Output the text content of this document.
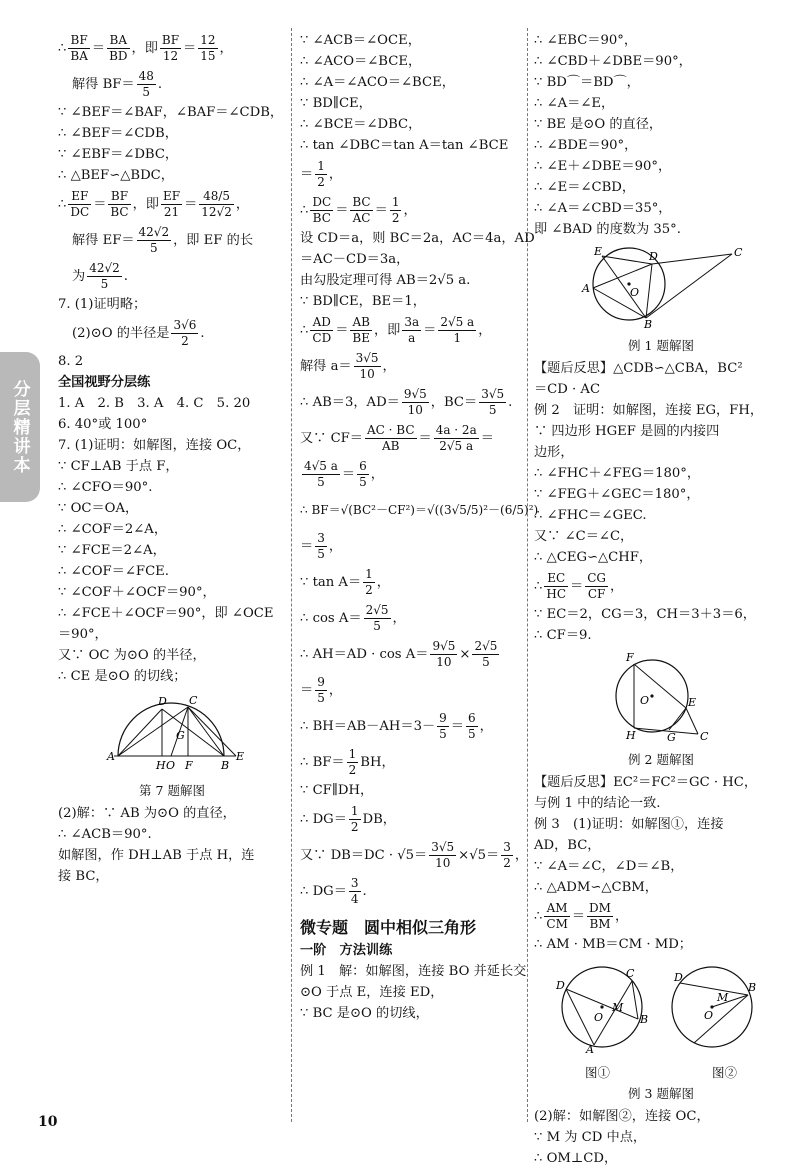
分层精讲本
∴ $\frac{BF}{BA} = \frac{BA}{BD}$ ，即 $\frac{BF}{12} = \frac{12}{15}$ ，
解得 $BF= \frac{48}{5}$ .
∵ ∠BEF＝∠BAF，∠BAF＝∠CDB，
∴ ∠BEF＝∠CDB，
∵ ∠EBF＝∠DBC，
∴ △BEF∽△BDC，
∴ $\frac{EF}{DC} = \frac{BF}{BC}$ ，即 $\frac{EF}{21} = \frac{48/5}{12√2}$ ，
解得 $EF= \frac{42√2}{5}$ ，即 EF 的长
为 $\frac{42√2}{5}$ .
7. (1)证明略；
(2)⊙O 的半径是 $\frac{3√6}{2}$ .
8. 2
全国视野分层练
1. A　2. B　3. A　4. C　5. 20
6. 40°或 100°
7. (1)证明：如解图，连接 OC，
∵ CF⊥AB 于点 F，
∴ ∠CFO＝90°.
∵ OC＝OA，
∴ ∠COF＝2∠A，
∵ ∠FCE＝2∠A，
∴ ∠COF＝∠FCE.
∵ ∠COF＋∠OCF＝90°，
∴ ∠FCE＋∠OCF＝90°，即 ∠OCE
＝90°，
又∵ OC 为⊙O 的半径，
∴ CE 是⊙O 的切线；
D C
G
A
O
H F	B
E
第 7 题解图
(2)解：∵ AB 为⊙O 的直径，
∴ ∠ACB＝90°.
如解图，作 DH⊥AB 于点 H，连
接 BC，
∵ ∠ACB＝∠OCE，
∴ ∠ACO＝∠BCE，
∴ ∠A＝∠ACO＝∠BCE，
∵ BD∥CE，
∴ ∠BCE＝∠DBC，
∴ tan ∠DBC＝tan A＝tan ∠BCE
＝ $\frac{1}{2}$ ，
∴ $\frac{DC}{BC} = \frac{BC}{AC} = \frac{1}{2}$ ，
设 CD＝a，则 BC＝2a，AC＝4a，AD
＝AC－CD＝3a，
由勾股定理可得 AB＝2√5 a.
∵ BD∥CE，BE＝1，
∴ $\frac{AD}{CD} = \frac{AB}{BE}$ ，即 $\frac{3a}{a} = \frac{2√5 a}{1}$ ，
解得 $a= \frac{3√5}{10}$ ，
∴ AB＝3，$AD= \frac{9√5}{10}$ ，$BC= \frac{3√5}{5}$ .
又∵ $CF= \frac{AC \cdot BC}{AB} = \frac{4a \cdot 2a}{2√5 a}$ ＝
$\frac{4√5 a}{5} = \frac{6}{5}$ ，
∴ BF＝√(BC²－CF²)＝√((3√5/5)²－(6/5)²)
＝ $\frac{3}{5}$ ，
∵ $\tan A= \frac{1}{2}$ ，
∴ $\cos A= \frac{2√5}{5}$ ，
∴ $AH=AD \cdot \cos A= \frac{9√5}{10} \times \frac{2√5}{5}$
＝ $\frac{9}{5}$ ，
∴ $BH=AB-AH=3- \frac{9}{5} = \frac{6}{5}$ ，
∴ $BF= \frac{1}{2}$ BH，
∵ CF∥DH，
∴ $DG= \frac{1}{2}$ DB，
又∵ $DB=DC \cdot √5= \frac{3√5}{10} \times√5= \frac{3}{2}$ ，
∴ $DG= \frac{3}{4}$ .
微专题　圆中相似三角形
一阶　方法训练
例 1　解：如解图，连接 BO 并延长交
⊙O 于点 E，连接 ED，
∵ BC 是⊙O 的切线，
∴ ∠EBC＝90°，
∴ ∠CBD＋∠DBE＝90°，
∵ BD⌒＝BD⌒，
∴ ∠A＝∠E，
∵ BE 是⊙O 的直径，
∴ ∠BDE＝90°，
∴ ∠E＋∠DBE＝90°，
∴ ∠E＝∠CBD，
∴ ∠A＝∠CBD＝35°，
即 ∠BAD 的度数为 35°.
E	D	C
A	O
B
例 1 题解图
【题后反思】△CDB∽△CBA，BC²
＝CD · AC
例 2　证明：如解图，连接 EG，FH，
∵ 四边形 HGEF 是圆的内接四
边形，
∴ ∠FHC＋∠FEG＝180°，
∵ ∠FEG＋∠GEC＝180°，
∴ ∠FHC＝∠GEC.
又∵ ∠C＝∠C，
∴ △CEG∽△CHF，
∴ $\frac{EC}{HC} = \frac{CG}{CF}$ ，
∵ EC＝2，CG＝3，CH＝3＋3＝6，
∴ CF＝9.
F
O	E
H	G C
例 2 题解图
【题后反思】EC²＝FC²＝GC · HC，
与例 1 中的结论一致.
例 3　(1)证明：如解图①，连接
AD，BC，
∵ ∠A＝∠C，∠D＝∠B，
∴ △ADM∽△CBM，
∴ $\frac{AM}{CM} = \frac{DM}{BM}$ ，
∴ AM · MB＝CM · MD；
C
D
B
A
M
O
D
B
M
O
图①	图②
例 3 题解图
(2)解：如解图②，连接 OC，
∵ M 为 CD 中点，
∴ OM⊥CD，
10
